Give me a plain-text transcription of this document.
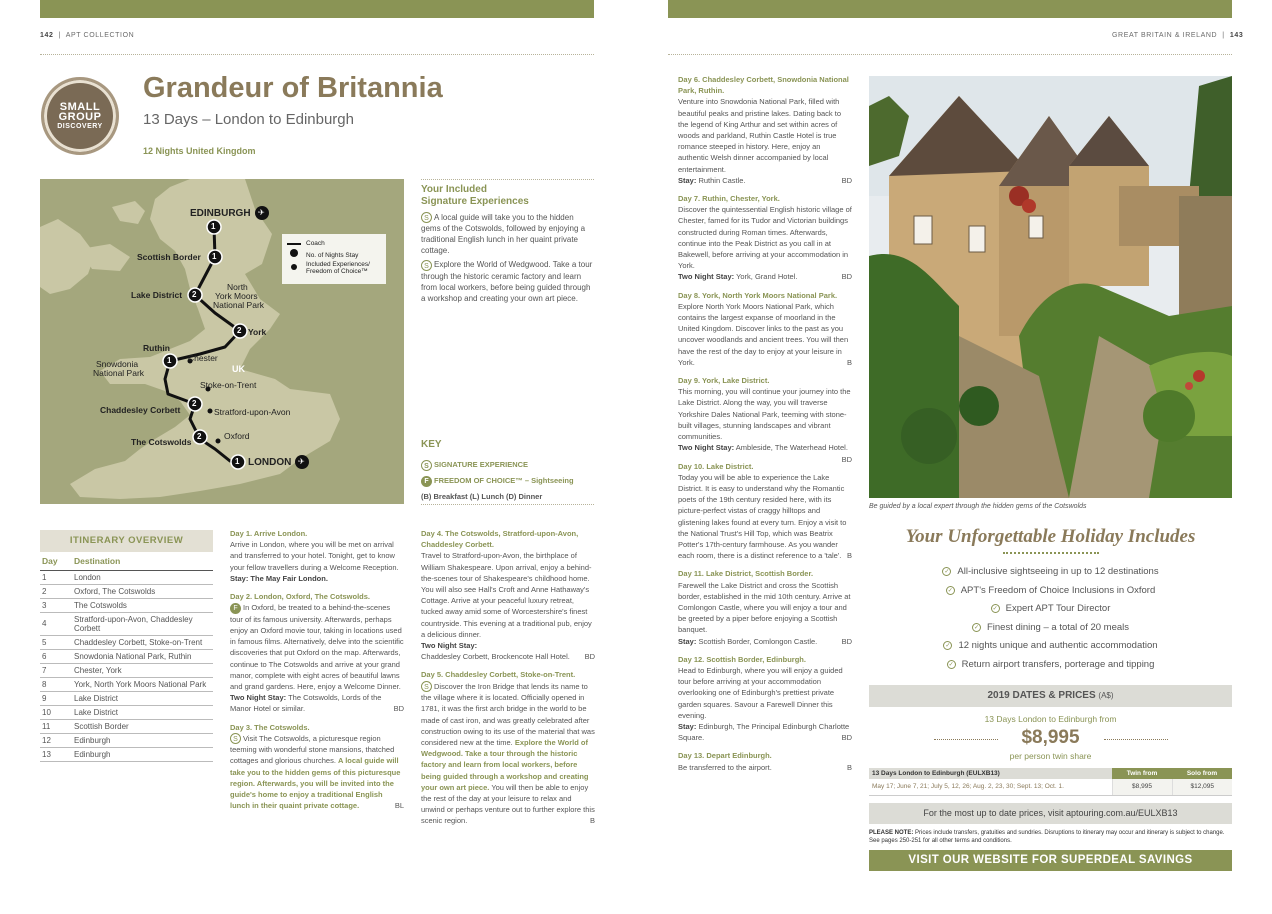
142  |  APT COLLECTION	GREAT BRITAIN & IRELAND  |  143
SMALL
GROUP
DISCOVERY
Grandeur of Britannia
13 Days – London to Edinburgh
12 Nights United Kingdom
1
1
2
2
1
2
2
1
✈
✈
EDINBURGH
Scottish Border
Lake District
North
York Moors
National Park
York
Ruthin
Chester
Snowdonia
National Park	UK
Stoke-on-Trent
Chaddesley Corbett	Stratford-upon-Avon
The Cotswolds
Oxford
LONDON
Coach
No. of Nights Stay
Included Experiences/
Freedom of Choice™
Your Included
Signature Experiences

S A local guide will take you to the hidden gems of the Cotswolds, followed by enjoying a traditional English lunch in her quaint private cottage.

S Explore the World of Wedgwood. Take a tour through the historic ceramic factory and learn from local workers, before being guided through a workshop and creating your own art piece.

KEY
S SIGNATURE EXPERIENCE
F FREEDOM OF CHOICE™ – Sightseeing
(B) Breakfast (L) Lunch (D) Dinner
ITINERARY OVERVIEW
Day	Destination
1	London
2	Oxford, The Cotswolds
3	The Cotswolds
4	Stratford-upon-Avon, Chaddesley Corbett
5	Chaddesley Corbett, Stoke-on-Trent
6	Snowdonia National Park, Ruthin
7	Chester, York
8	York, North York Moors National Park
9	Lake District
10	Lake District
11	Scottish Border
12	Edinburgh
13	Edinburgh
Day 1. Arrive London.
Arrive in London, where you will be met on arrival and transferred to your hotel. Tonight, get to know your fellow travellers during a Welcome Reception.
Stay: The May Fair London.
Day 2. London, Oxford, The Cotswolds.
F In Oxford, be treated to a behind-the-scenes tour of its famous university. Afterwards, perhaps enjoy an Oxford movie tour, taking in locations used in famous films. Alternatively, delve into the scientific discoveries that put Oxford on the map. Afterwards, continue to The Cotswolds and arrive at your grand manor, complete with eight acres of beautiful lawns and grand gardens. Here, enjoy a Welcome Dinner.
Two Night Stay: The Cotswolds, Lords of the Manor Hotel or similar.	BD
Day 3. The Cotswolds.
S Visit The Cotswolds, a picturesque region teeming with wonderful stone mansions, thatched cottages and glorious churches. A local guide will take you to the hidden gems of this picturesque region. Afterwards, you will be invited into the guide's home to enjoy a traditional English lunch in their quaint private cottage.	BL
Day 4. The Cotswolds, Stratford-upon-Avon, Chaddesley Corbett.
Travel to Stratford-upon-Avon, the birthplace of William Shakespeare. Upon arrival, enjoy a behind-the-scenes tour of Shakespeare's childhood home. You will also see Hall's Croft and Anne Hathaway's Cottage. Arrive at your peaceful luxury retreat, tucked away amid some of Worcestershire's finest countryside. This evening at a traditional pub, enjoy a delicious dinner.
Two Night Stay:
Chaddesley Corbett, Brockencote Hall Hotel. BD
Day 5. Chaddesley Corbett, Stoke-on-Trent.
S Discover the Iron Bridge that lends its name to the village where it is located. Officially opened in 1781, it was the first arch bridge in the world to be made of cast iron, and was greatly celebrated after construction owing to its use of the material that was considered new at the time. Explore the World of Wedgwood. Take a tour through the historic factory and learn from local workers, before being guided through a workshop and creating your own art piece. You will then be able to enjoy the rest of the day at your leisure to relax and unwind or perhaps venture out to further explore this scenic region.	B
Day 6. Chaddesley Corbett, Snowdonia National Park, Ruthin.
Venture into Snowdonia National Park, filled with beautiful peaks and pristine lakes. Dating back to the legend of King Arthur and set within acres of woods and parkland, Ruthin Castle Hotel is true romance steeped in history. Here, enjoy an authentic Welsh dinner accompanied by local entertainment.
Stay: Ruthin Castle.	BD
Day 7. Ruthin, Chester, York.
Discover the quintessential English historic village of Chester, famed for its Tudor and Victorian buildings constructed during Roman times. Afterwards, continue into the Peak District as you call in at Bakewell, before arriving at your accommodation in York.
Two Night Stay: York, Grand Hotel.	BD
Day 8. York, North York Moors National Park.
Explore North York Moors National Park, which contains the largest expanse of moorland in the United Kingdom. Discover links to the past as you uncover woodlands and ancient trees. You will then have the rest of the day to enjoy at your leisure in York.	B
Day 9. York, Lake District.
This morning, you will continue your journey into the Lake District. Along the way, you will traverse Yorkshire Dales National Park, teeming with stone-built villages, stunning landscapes and vibrant communities.
Two Night Stay: Ambleside, The Waterhead Hotel.
BD
Day 10. Lake District.
Today you will be able to experience the Lake District. It is easy to understand why the Romantic poets of the 19th century resided here, with its picture-perfect vistas of craggy hilltops and glistening lakes found at every turn. Enjoy a visit to the National Trust's Hill Top, which was Beatrix Potter's 17th-century farmhouse. As you wander each room, there is a distinct reference to a 'tale'. B
Day 11. Lake District, Scottish Border.
Farewell the Lake District and cross the Scottish border, established in the mid 10th century. Arrive at Comlongon Castle, where you will enjoy a tour and be greeted by a piper before enjoying a Scottish banquet.
Stay: Scottish Border, Comlongon Castle.	BD
Day 12. Scottish Border, Edinburgh.
Head to Edinburgh, where you will enjoy a guided tour before arriving at your accommodation overlooking one of Edinburgh's prettiest private garden squares. Savour a Farewell Dinner this evening.
Stay: Edinburgh, The Principal Edinburgh Charlotte Square.	BD
Day 13. Depart Edinburgh.
Be transferred to the airport.	B
Be guided by a local expert through the hidden gems of the Cotswolds
Your Unforgettable Holiday Includes
✓ All-inclusive sightseeing in up to 12 destinations
✓ APT's Freedom of Choice Inclusions in Oxford
✓ Expert APT Tour Director
✓ Finest dining – a total of 20 meals
✓ 12 nights unique and authentic accommodation
✓ Return airport transfers, porterage and tipping
2019 DATES & PRICES (A$)
13 Days London to Edinburgh from
$8,995
per person twin share
13 Days London to Edinburgh (EULXB13)	Twin from	Solo from
May 17; June 7, 21; July 5, 12, 26; Aug. 2, 23, 30; Sept. 13; Oct. 1.	$8,995	$12,095
For the most up to date prices, visit aptouring.com.au/EULXB13
PLEASE NOTE: Prices include transfers, gratuities and sundries. Disruptions to itinerary may occur and itinerary is subject to change. See pages 250-251 for all other terms and conditions.
VISIT OUR WEBSITE FOR SUPERDEAL SAVINGS
